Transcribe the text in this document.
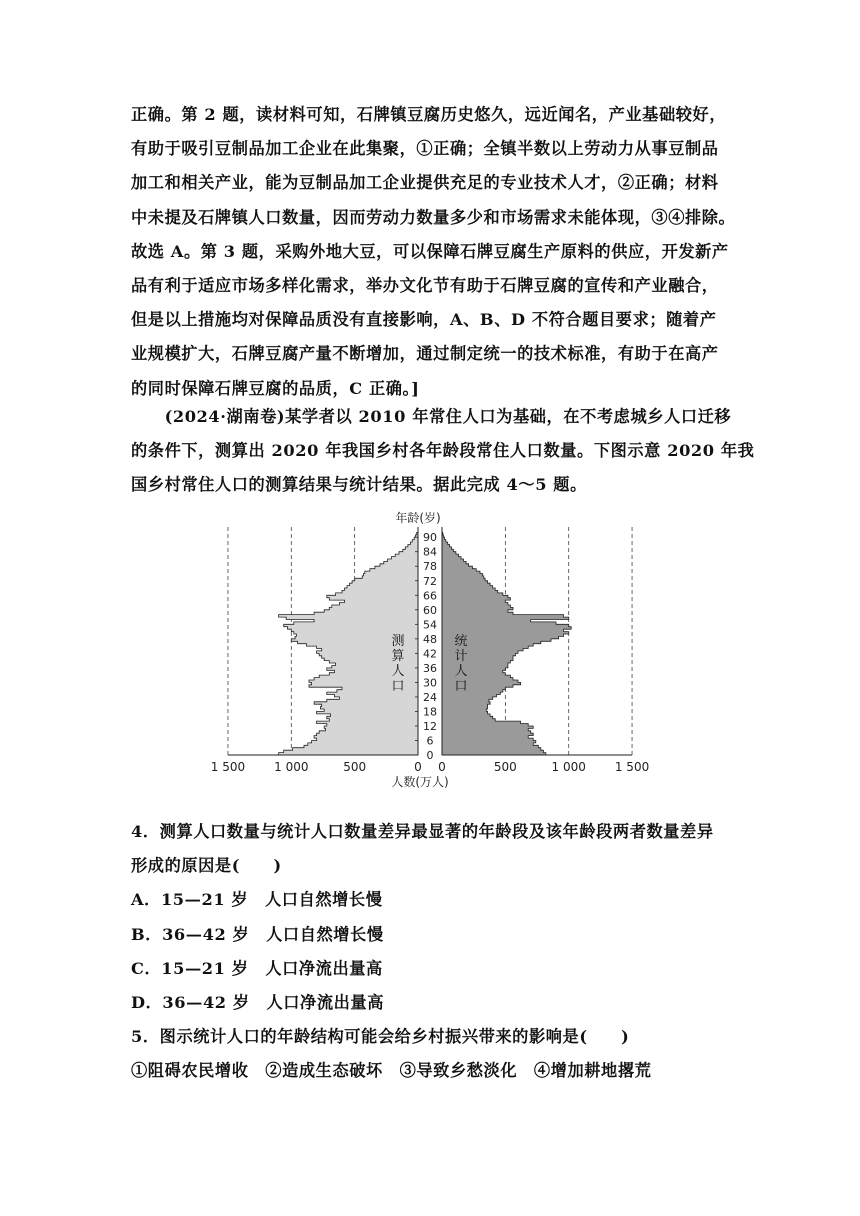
正确。第 2 题，读材料可知，石牌镇豆腐历史悠久，远近闻名，产业基础较好，
有助于吸引豆制品加工企业在此集聚，①正确；全镇半数以上劳动力从事豆制品
加工和相关产业，能为豆制品加工企业提供充足的专业技术人才，②正确；材料
中未提及石牌镇人口数量，因而劳动力数量多少和市场需求未能体现，③④排除。
故选 A。第 3 题，采购外地大豆，可以保障石牌豆腐生产原料的供应，开发新产
品有利于适应市场多样化需求，举办文化节有助于石牌豆腐的宣传和产业融合，
但是以上措施均对保障品质没有直接影响，A、B、D 不符合题目要求；随着产
业规模扩大，石牌豆腐产量不断增加，通过制定统一的技术标准，有助于在高产
的同时保障石牌豆腐的品质，C 正确。]
　　(2024·湖南卷)某学者以 2010 年常住人口为基础，在不考虑城乡人口迁移
的条件下，测算出 2020 年我国乡村各年龄段常住人口数量。下图示意 2020 年我
国乡村常住人口的测算结果与统计结果。据此完成 4～5 题。
0
6
12
18
24
30
36
42
48
54
60
66
72
78
84
90
1 500 1 000	500	0 0	500	1 000 1 500
年龄(岁)
人数(万人)
测
算
人
口
统
计
人
口
4．测算人口数量与统计人口数量差异最显著的年龄段及该年龄段两者数量差异
形成的原因是(　　)
A．15—21 岁　人口自然增长慢
B．36—42 岁　人口自然增长慢
C．15—21 岁　人口净流出量高
D．36—42 岁　人口净流出量高
5．图示统计人口的年龄结构可能会给乡村振兴带来的影响是(　　)
①阻碍农民增收　②造成生态破坏　③导致乡愁淡化　④增加耕地撂荒
